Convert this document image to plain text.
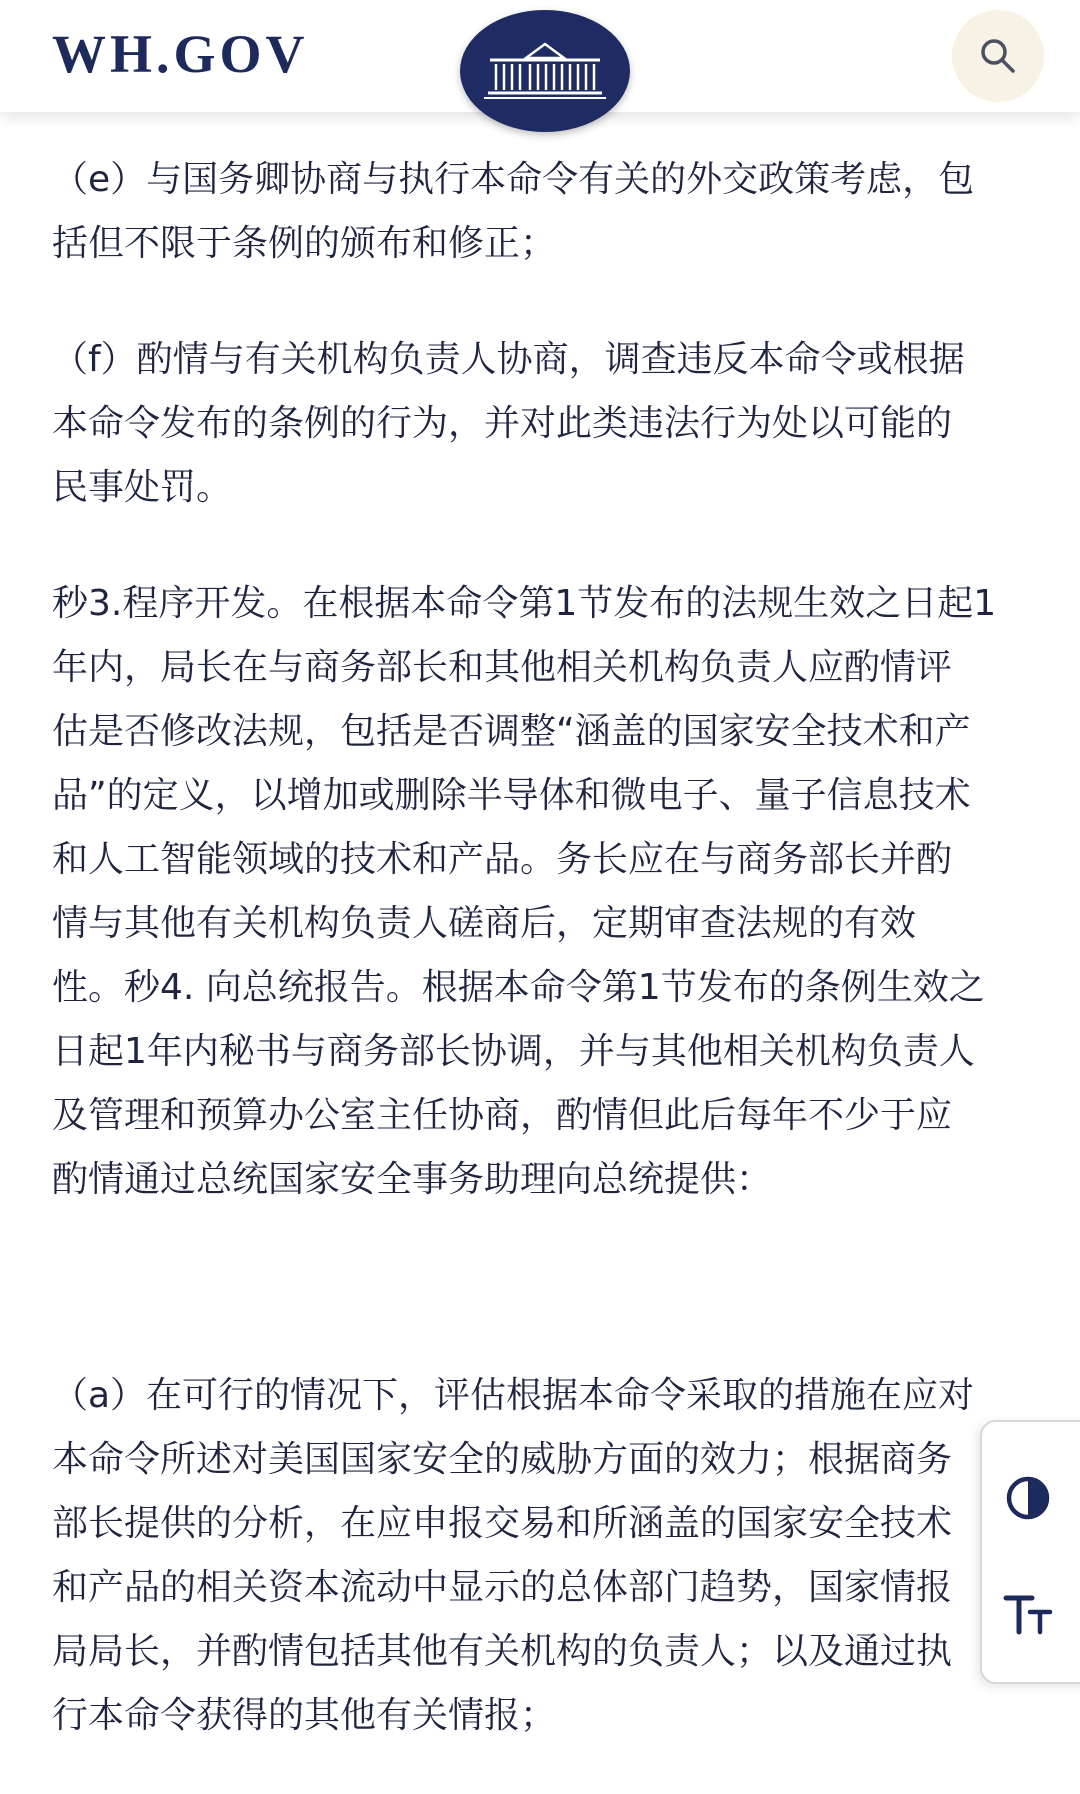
WH.GOV

（e）与国务卿协商与执行本命令有关的外交政策考虑，包
括但不限于条例的颁布和修正；

（f）酌情与有关机构负责人协商，调查违反本命令或根据
本命令发布的条例的行为，并对此类违法行为处以可能的
民事处罚。

秒3.程序开发。在根据本命令第1节发布的法规生效之日起1
年内，局长在与商务部长和其他相关机构负责人应酌情评
估是否修改法规，包括是否调整“涵盖的国家安全技术和产
品”的定义，以增加或删除半导体和微电子、量子信息技术
和人工智能领域的技术和产品。务长应在与商务部长并酌
情与其他有关机构负责人磋商后，定期审查法规的有效
性。秒4. 向总统报告。根据本命令第1节发布的条例生效之
日起1年内秘书与商务部长协调，并与其他相关机构负责人
及管理和预算办公室主任协商，酌情但此后每年不少于应
酌情通过总统国家安全事务助理向总统提供：

（a）在可行的情况下，评估根据本命令采取的措施在应对
本命令所述对美国国家安全的威胁方面的效力；根据商务
部长提供的分析，在应申报交易和所涵盖的国家安全技术
和产品的相关资本流动中显示的总体部门趋势，国家情报
局局长，并酌情包括其他有关机构的负责人；以及通过执
行本命令获得的其他有关情报；
